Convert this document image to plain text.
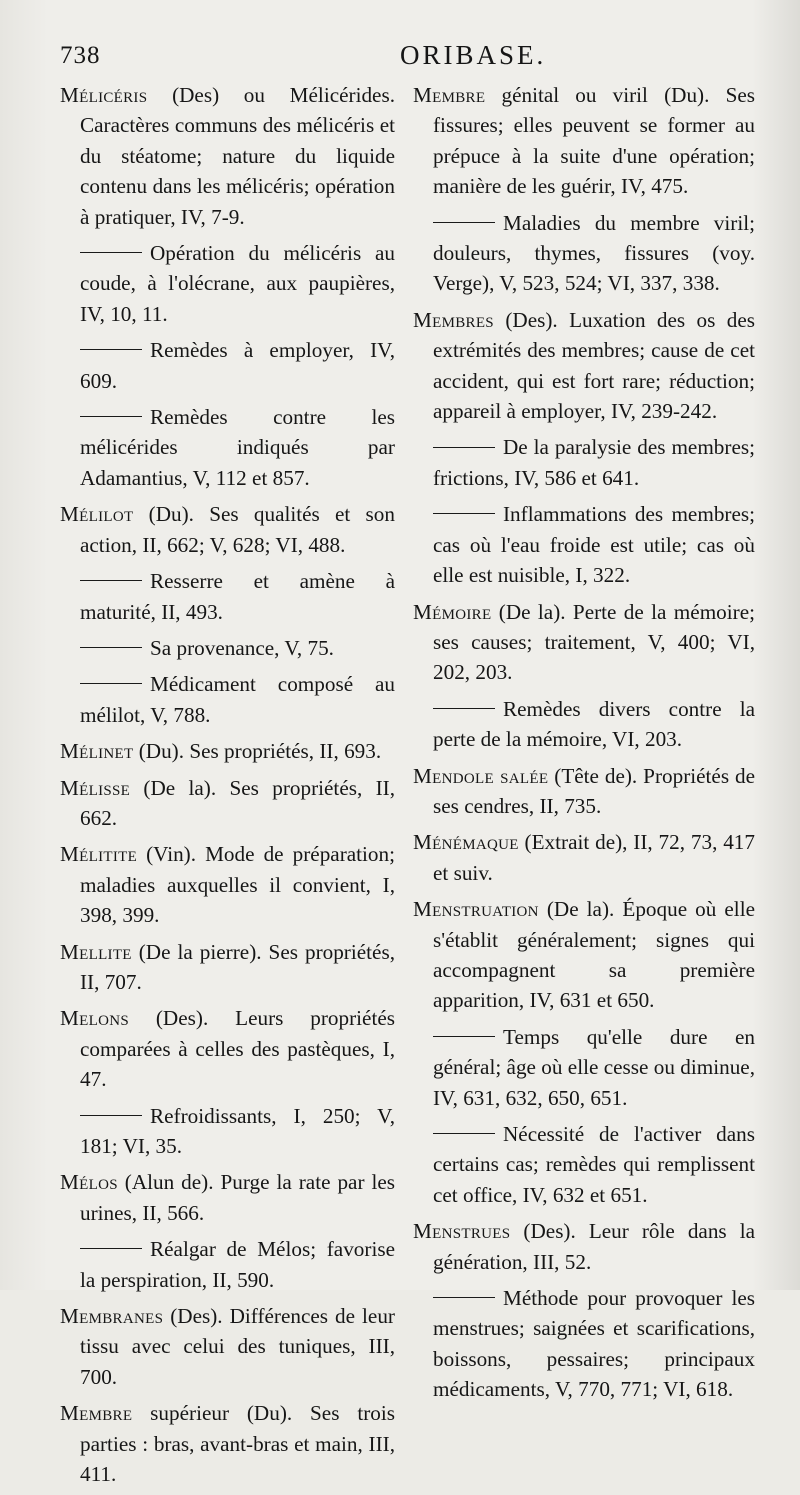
738	ORIBASE.

Mélicéris (Des) ou Mélicérides. Caractères communs des mélicéris et du stéatome; nature du liquide contenu dans les mélicéris; opération à pratiquer, IV, 7-9.

Opération du mélicéris au coude, à l'olécrane, aux paupières, IV, 10, 11.

Remèdes à employer, IV, 609.

Remèdes contre les mélicérides indiqués par Adamantius, V, 112 et 857.

Mélilot (Du). Ses qualités et son action, II, 662; V, 628; VI, 488.

Resserre et amène à maturité, II, 493.

Sa provenance, V, 75.

Médicament composé au mélilot, V, 788.

Mélinet (Du). Ses propriétés, II, 693.

Mélisse (De la). Ses propriétés, II, 662.

Mélitite (Vin). Mode de préparation; maladies auxquelles il convient, I, 398, 399.

Mellite (De la pierre). Ses propriétés, II, 707.

Melons (Des). Leurs propriétés comparées à celles des pastèques, I, 47.

Refroidissants, I, 250; V, 181; VI, 35.

Mélos (Alun de). Purge la rate par les urines, II, 566.

Réalgar de Mélos; favorise la perspiration, II, 590.

Membranes (Des). Différences de leur tissu avec celui des tuniques, III, 700.

Membre supérieur (Du). Ses trois parties : bras, avant-bras et main, III, 411.

Membre génital ou viril (Du). Ses fissures; elles peuvent se former au prépuce à la suite d'une opération; manière de les guérir, IV, 475.

Maladies du membre viril; douleurs, thymes, fissures (voy. Verge), V, 523, 524; VI, 337, 338.

Membres (Des). Luxation des os des extrémités des membres; cause de cet accident, qui est fort rare; réduction; appareil à employer, IV, 239-242.

De la paralysie des membres; frictions, IV, 586 et 641.

Inflammations des membres; cas où l'eau froide est utile; cas où elle est nuisible, I, 322.

Mémoire (De la). Perte de la mémoire; ses causes; traitement, V, 400; VI, 202, 203.

Remèdes divers contre la perte de la mémoire, VI, 203.

Mendole salée (Tête de). Propriétés de ses cendres, II, 735.

Ménémaque (Extrait de), II, 72, 73, 417 et suiv.

Menstruation (De la). Époque où elle s'établit généralement; signes qui accompagnent sa première apparition, IV, 631 et 650.

Temps qu'elle dure en général; âge où elle cesse ou diminue, IV, 631, 632, 650, 651.

Nécessité de l'activer dans certains cas; remèdes qui remplissent cet office, IV, 632 et 651.

Menstrues (Des). Leur rôle dans la génération, III, 52.

Méthode pour provoquer les menstrues; saignées et scarifications, boissons, pessaires; principaux médicaments, V, 770, 771; VI, 618.
